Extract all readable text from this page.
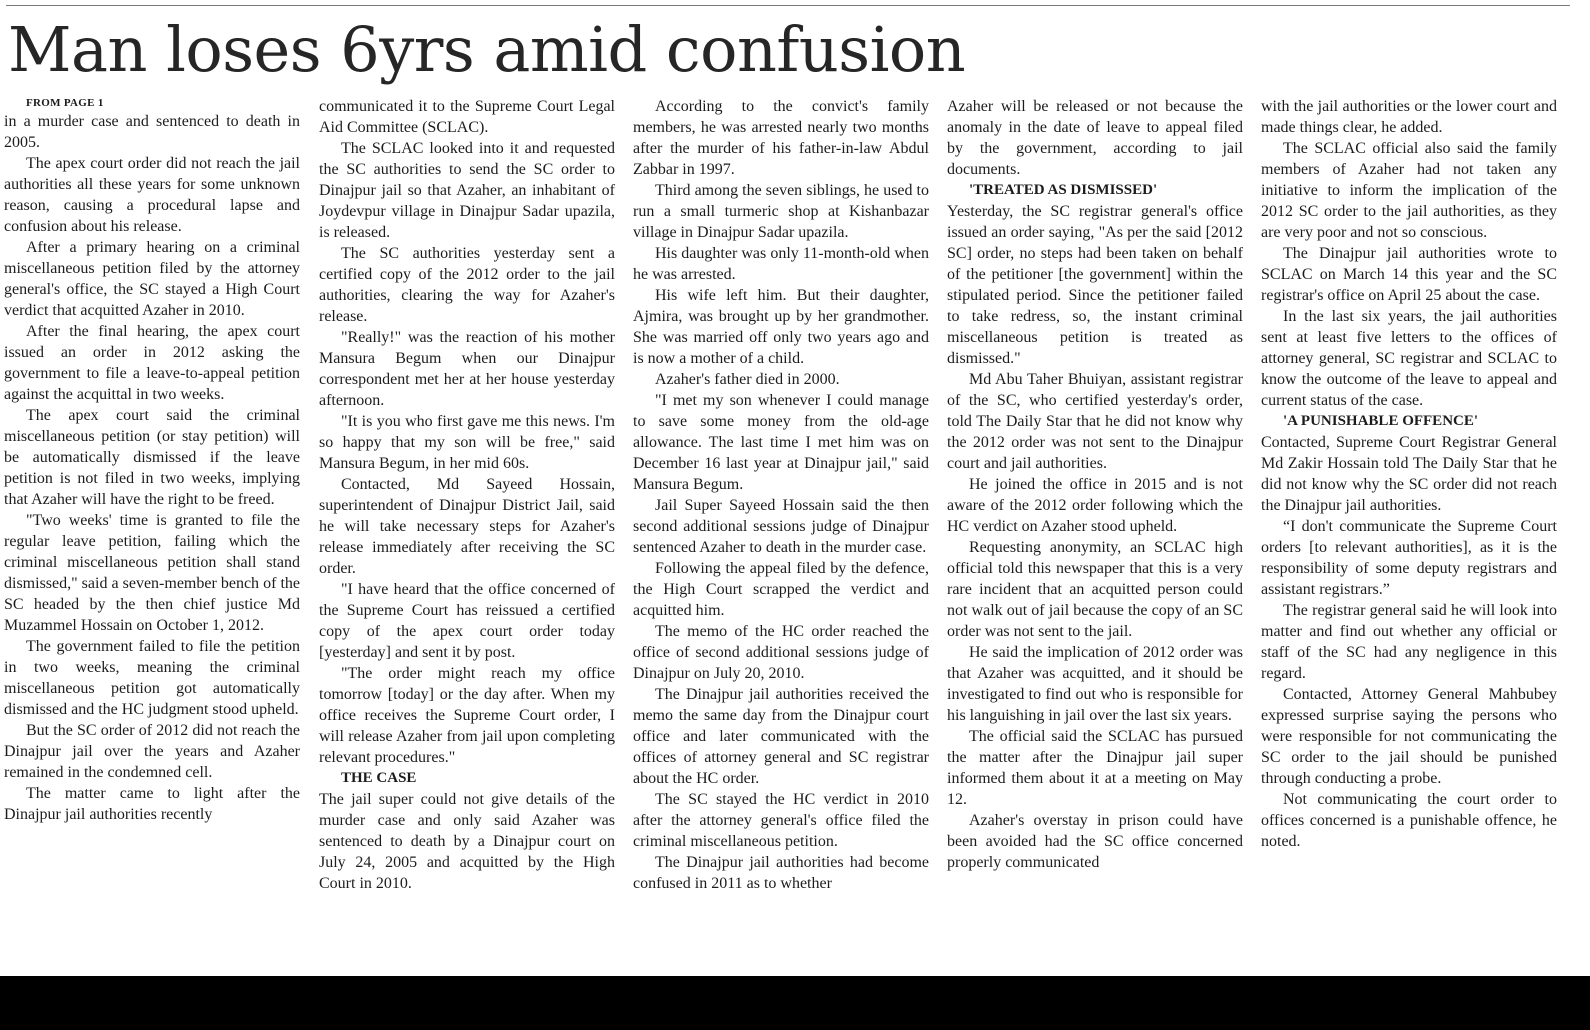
Man loses 6yrs amid confusion

FROM PAGE 1

in a murder case and sentenced to death in 2005.

The apex court order did not reach the jail authorities all these years for some unknown reason, causing a procedural lapse and confusion about his release.

After a primary hearing on a criminal miscellaneous petition filed by the attorney general's office, the SC stayed a High Court verdict that acquitted Azaher in 2010.

After the final hearing, the apex court issued an order in 2012 asking the government to file a leave-to-appeal petition against the acquittal in two weeks.

The apex court said the criminal miscellaneous petition (or stay petition) will be automatically dismissed if the leave petition is not filed in two weeks, implying that Azaher will have the right to be freed.

"Two weeks' time is granted to file the regular leave petition, failing which the criminal miscellaneous petition shall stand dismissed," said a seven-member bench of the SC headed by the then chief justice Md Muzammel Hossain on October 1, 2012.

The government failed to file the petition in two weeks, meaning the criminal miscellaneous petition got automatically dismissed and the HC judgment stood upheld.

But the SC order of 2012 did not reach the Dinajpur jail over the years and Azaher remained in the condemned cell.

The matter came to light after the Dinajpur jail authorities recently

communicated it to the Supreme Court Legal Aid Committee (SCLAC).

The SCLAC looked into it and requested the SC authorities to send the SC order to Dinajpur jail so that Azaher, an inhabitant of Joydevpur village in Dinajpur Sadar upazila, is released.

The SC authorities yesterday sent a certified copy of the 2012 order to the jail authorities, clearing the way for Azaher's release.

"Really!" was the reaction of his mother Mansura Begum when our Dinajpur correspondent met her at her house yesterday afternoon.

"It is you who first gave me this news. I'm so happy that my son will be free," said Mansura Begum, in her mid 60s.

Contacted, Md Sayeed Hossain, superintendent of Dinajpur District Jail, said he will take necessary steps for Azaher's release immediately after receiving the SC order.

"I have heard that the office concerned of the Supreme Court has reissued a certified copy of the apex court order today [yesterday] and sent it by post.

"The order might reach my office tomorrow [today] or the day after. When my office receives the Supreme Court order, I will release Azaher from jail upon completing relevant procedures."

THE CASE

The jail super could not give details of the murder case and only said Azaher was sentenced to death by a Dinajpur court on July 24, 2005 and acquitted by the High Court in 2010.

According to the convict's family members, he was arrested nearly two months after the murder of his father-in-law Abdul Zabbar in 1997.

Third among the seven siblings, he used to run a small turmeric shop at Kishanbazar village in Dinajpur Sadar upazila.

His daughter was only 11-month-old when he was arrested.

His wife left him. But their daughter, Ajmira, was brought up by her grandmother. She was married off only two years ago and is now a mother of a child.

Azaher's father died in 2000.

"I met my son whenever I could manage to save some money from the old-age allowance. The last time I met him was on December 16 last year at Dinajpur jail," said Mansura Begum.

Jail Super Sayeed Hossain said the then second additional sessions judge of Dinajpur sentenced Azaher to death in the murder case.

Following the appeal filed by the defence, the High Court scrapped the verdict and acquitted him.

The memo of the HC order reached the office of second additional sessions judge of Dinajpur on July 20, 2010.

The Dinajpur jail authorities received the memo the same day from the Dinajpur court office and later communicated with the offices of attorney general and SC registrar about the HC order.

The SC stayed the HC verdict in 2010 after the attorney general's office filed the criminal miscellaneous petition.

The Dinajpur jail authorities had become confused in 2011 as to whether

Azaher will be released or not because the anomaly in the date of leave to appeal filed by the government, according to jail documents.

'TREATED AS DISMISSED'

Yesterday, the SC registrar general's office issued an order saying, "As per the said [2012 SC] order, no steps had been taken on behalf of the petitioner [the government] within the stipulated period. Since the petitioner failed to take redress, so, the instant criminal miscellaneous petition is treated as dismissed."

Md Abu Taher Bhuiyan, assistant registrar of the SC, who certified yesterday's order, told The Daily Star that he did not know why the 2012 order was not sent to the Dinajpur court and jail authorities.

He joined the office in 2015 and is not aware of the 2012 order following which the HC verdict on Azaher stood upheld.

Requesting anonymity, an SCLAC high official told this newspaper that this is a very rare incident that an acquitted person could not walk out of jail because the copy of an SC order was not sent to the jail.

He said the implication of 2012 order was that Azaher was acquitted, and it should be investigated to find out who is responsible for his languishing in jail over the last six years.

The official said the SCLAC has pursued the matter after the Dinajpur jail super informed them about it at a meeting on May 12.

Azaher's overstay in prison could have been avoided had the SC office concerned properly communicated

with the jail authorities or the lower court and made things clear, he added.

The SCLAC official also said the family members of Azaher had not taken any initiative to inform the implication of the 2012 SC order to the jail authorities, as they are very poor and not so conscious.

The Dinajpur jail authorities wrote to SCLAC on March 14 this year and the SC registrar's office on April 25 about the case.

In the last six years, the jail authorities sent at least five letters to the offices of attorney general, SC registrar and SCLAC to know the outcome of the leave to appeal and current status of the case.

'A PUNISHABLE OFFENCE'

Contacted, Supreme Court Registrar General Md Zakir Hossain told The Daily Star that he did not know why the SC order did not reach the Dinajpur jail authorities.

“I don't communicate the Supreme Court orders [to relevant authorities], as it is the responsibility of some deputy registrars and assistant registrars.”

The registrar general said he will look into matter and find out whether any official or staff of the SC had any negligence in this regard.

Contacted, Attorney General Mahbubey expressed surprise saying the persons who were responsible for not communicating the SC order to the jail should be punished through conducting a probe.

Not communicating the court order to offices concerned is a punishable offence, he noted.
